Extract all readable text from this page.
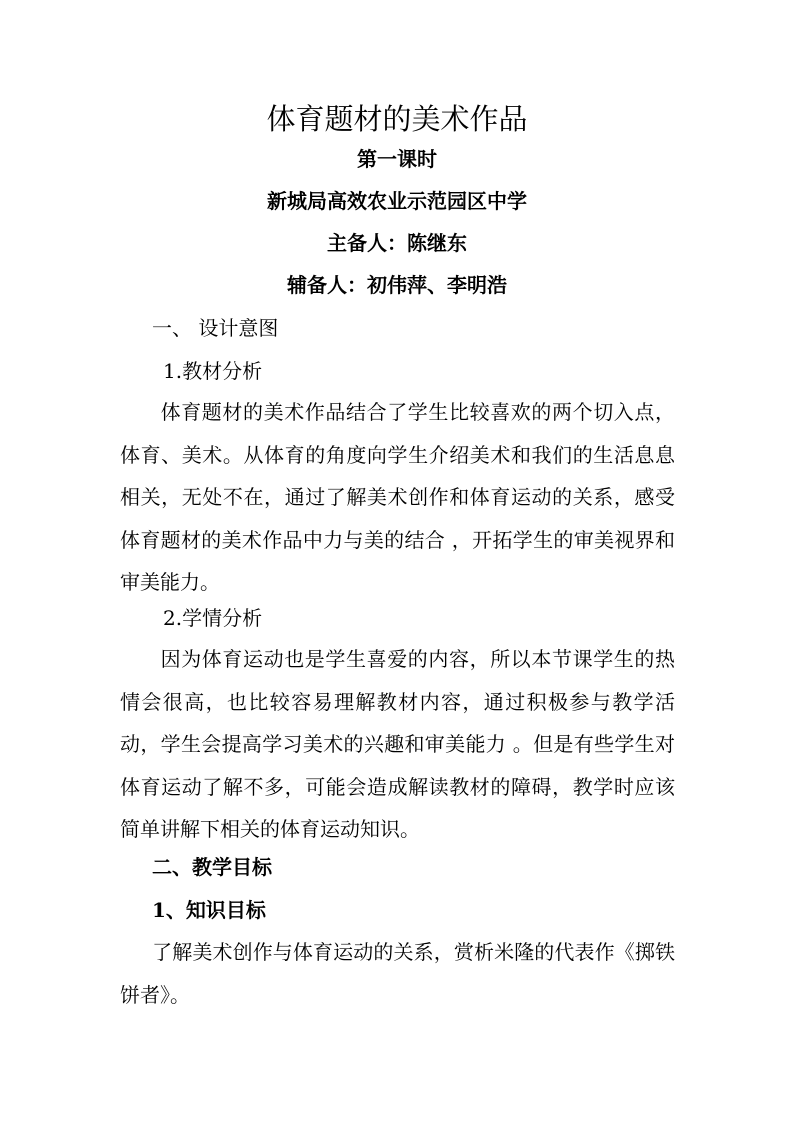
体育题材的美术作品
第一课时
新城局高效农业示范园区中学
主备人：陈继东
辅备人：初伟萍、李明浩
一、 设计意图
1.教材分析

体育题材的美术作品结合了学生比较喜欢的两个切入点，体育、美术。从体育的角度向学生介绍美术和我们的生活息息相关，无处不在，通过了解美术创作和体育运动的关系，感受体育题材的美术作品中力与美的结合 ，开拓学生的审美视界和审美能力。

2.学情分析

因为体育运动也是学生喜爱的内容，所以本节课学生的热情会很高，也比较容易理解教材内容，通过积极参与教学活动，学生会提高学习美术的兴趣和审美能力 。但是有些学生对体育运动了解不多，可能会造成解读教材的障碍，教学时应该简单讲解下相关的体育运动知识。

二、教学目标
1、知识目标

了解美术创作与体育运动的关系，赏析米隆的代表作《掷铁饼者》。
